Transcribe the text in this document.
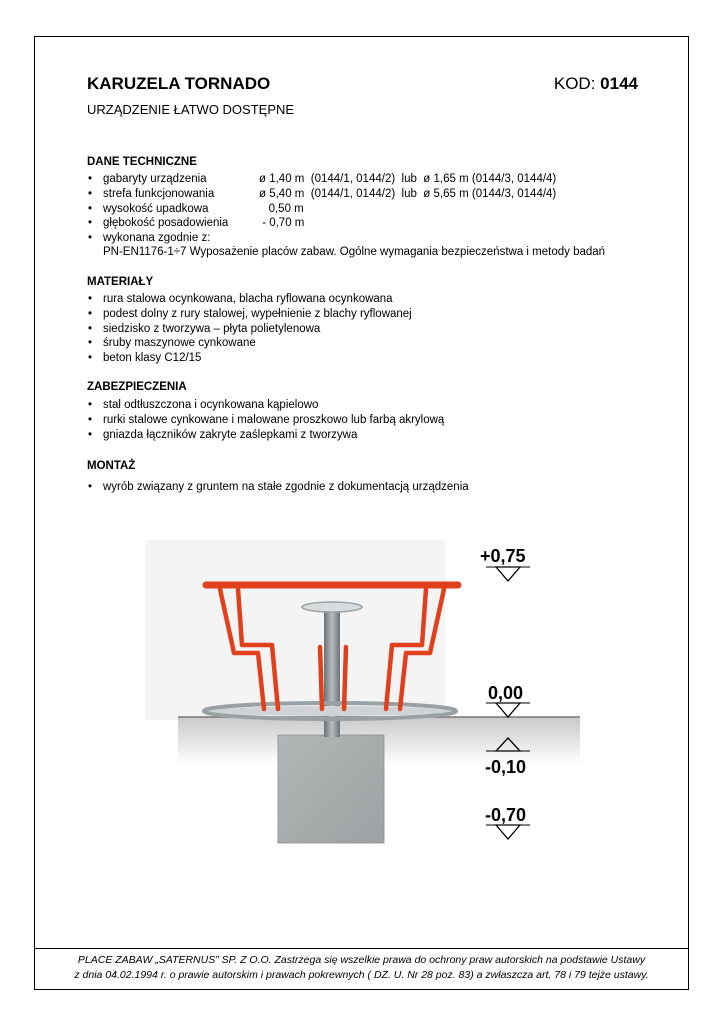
KARUZELA TORNADO	KOD: 0144
URZĄDZENIE ŁATWO DOSTĘPNE
DANE TECHNICZNE
• gabaryty urządzenia	ø 1,40 m  (0144/1, 0144/2)  lub  ø 1,65 m (0144/3, 0144/4)
• strefa funkcjonowania	ø 5,40 m  (0144/1, 0144/2)  lub  ø 5,65 m (0144/3, 0144/4)
• wysokość upadkowa	0,50 m
• głębokość posadowienia	- 0,70 m
• wykonana zgodnie z:
PN-EN1176-1÷7 Wyposażenie placów zabaw. Ogólne wymagania bezpieczeństwa i metody badań
MATERIAŁY
• rura stalowa ocynkowana, blacha ryflowana ocynkowana
• podest dolny z rury stalowej, wypełnienie z blachy ryflowanej
• siedzisko z tworzywa – płyta polietylenowa
• śruby maszynowe cynkowane
• beton klasy C12/15
ZABEZPIECZENIA
• stal odtłuszczona i ocynkowana kąpielowo
• rurki stalowe cynkowane i malowane proszkowo lub farbą akrylową
• gniazda łączników zakryte zaślepkami z tworzywa
MONTAŻ
• wyrób związany z gruntem na stałe zgodnie z dokumentacją urządzenia
+0,75
0,00
-0,10
-0,70
PLACE ZABAW „SATERNUS” SP. Z O.O. Zastrzega się wszelkie prawa do ochrony praw autorskich na podstawie Ustawy
z dnia 04.02.1994 r. o prawie autorskim i prawach pokrewnych ( DZ. U. Nr 28 poz. 83) a zwłaszcza art. 78 i 79 tejże ustawy.
